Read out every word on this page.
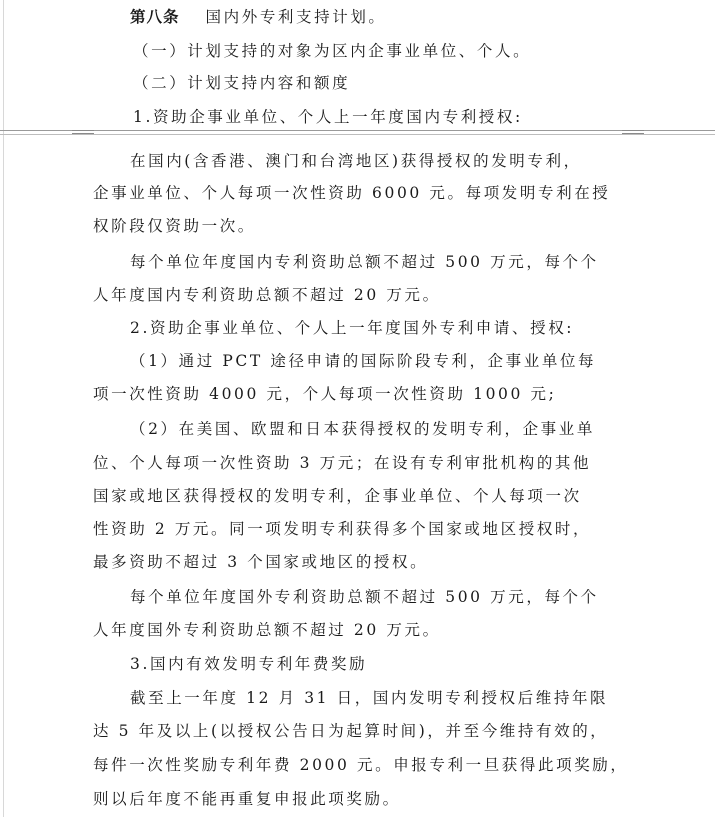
第八条 国内外专利支持计划。
（一）计划支持的对象为区内企事业单位、个人。
（二）计划支持内容和额度
1.资助企事业单位、个人上一年度国内专利授权:
在国内(含香港、澳门和台湾地区)获得授权的发明专利，
企事业单位、个人每项一次性资助 6000 元。每项发明专利在授
权阶段仅资助一次。
每个单位年度国内专利资助总额不超过 500 万元，每个个
人年度国内专利资助总额不超过 20 万元。
2.资助企事业单位、个人上一年度国外专利申请、授权:
（1）通过 PCT 途径申请的国际阶段专利，企事业单位每
项一次性资助 4000 元，个人每项一次性资助 1000 元;
（2）在美国、欧盟和日本获得授权的发明专利，企事业单
位、个人每项一次性资助 3 万元；在设有专利审批机构的其他
国家或地区获得授权的发明专利，企事业单位、个人每项一次
性资助 2 万元。同一项发明专利获得多个国家或地区授权时，
最多资助不超过 3 个国家或地区的授权。
每个单位年度国外专利资助总额不超过 500 万元，每个个
人年度国外专利资助总额不超过 20 万元。
3.国内有效发明专利年费奖励
截至上一年度 12 月 31 日，国内发明专利授权后维持年限
达 5 年及以上(以授权公告日为起算时间)，并至今维持有效的，
每件一次性奖励专利年费 2000 元。申报专利一旦获得此项奖励，
则以后年度不能再重复申报此项奖励。
